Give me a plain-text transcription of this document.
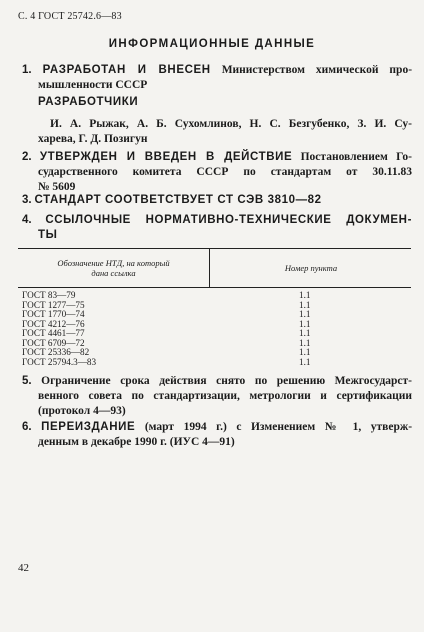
С. 4 ГОСТ 25742.6—83
ИНФОРМАЦИОННЫЕ ДАННЫЕ
1. РАЗРАБОТАН И ВНЕСЕН Министерством химической про-
мышленности СССР
РАЗРАБОТЧИКИ
И. А. Рыжак, А. Б. Сухомлинов, Н. С. Безгубенко, З. И. Су-
харева, Г. Д. Позигун
2. УТВЕРЖДЕН И ВВЕДЕН В ДЕЙСТВИЕ Постановлением Го-
сударственного комитета СССР по стандартам от 30.11.83
№ 5609
3. СТАНДАРТ СООТВЕТСТВУЕТ СТ СЭВ 3810—82
4. ССЫЛОЧНЫЕ НОРМАТИВНО-ТЕХНИЧЕСКИЕ ДОКУМЕН-
ТЫ
Обозначение НТД, на который
дана ссылка	Номер пункта
ГОСТ 83—79	1.1
ГОСТ 1277—75	1.1
ГОСТ 1770—74	1.1
ГОСТ 4212—76	1.1
ГОСТ 4461—77	1.1
ГОСТ 6709—72	1.1
ГОСТ 25336—82	1.1
ГОСТ 25794.3—83	1.1
5. Ограничение срока действия снято по решению Межгосударст-
венного совета по стандартизации, метрологии и сертификации
(протокол 4—93)
6. ПЕРЕИЗДАНИЕ (март 1994 г.) с Изменением № 1, утверж-
денным в декабре 1990 г. (ИУС 4—91)
42
